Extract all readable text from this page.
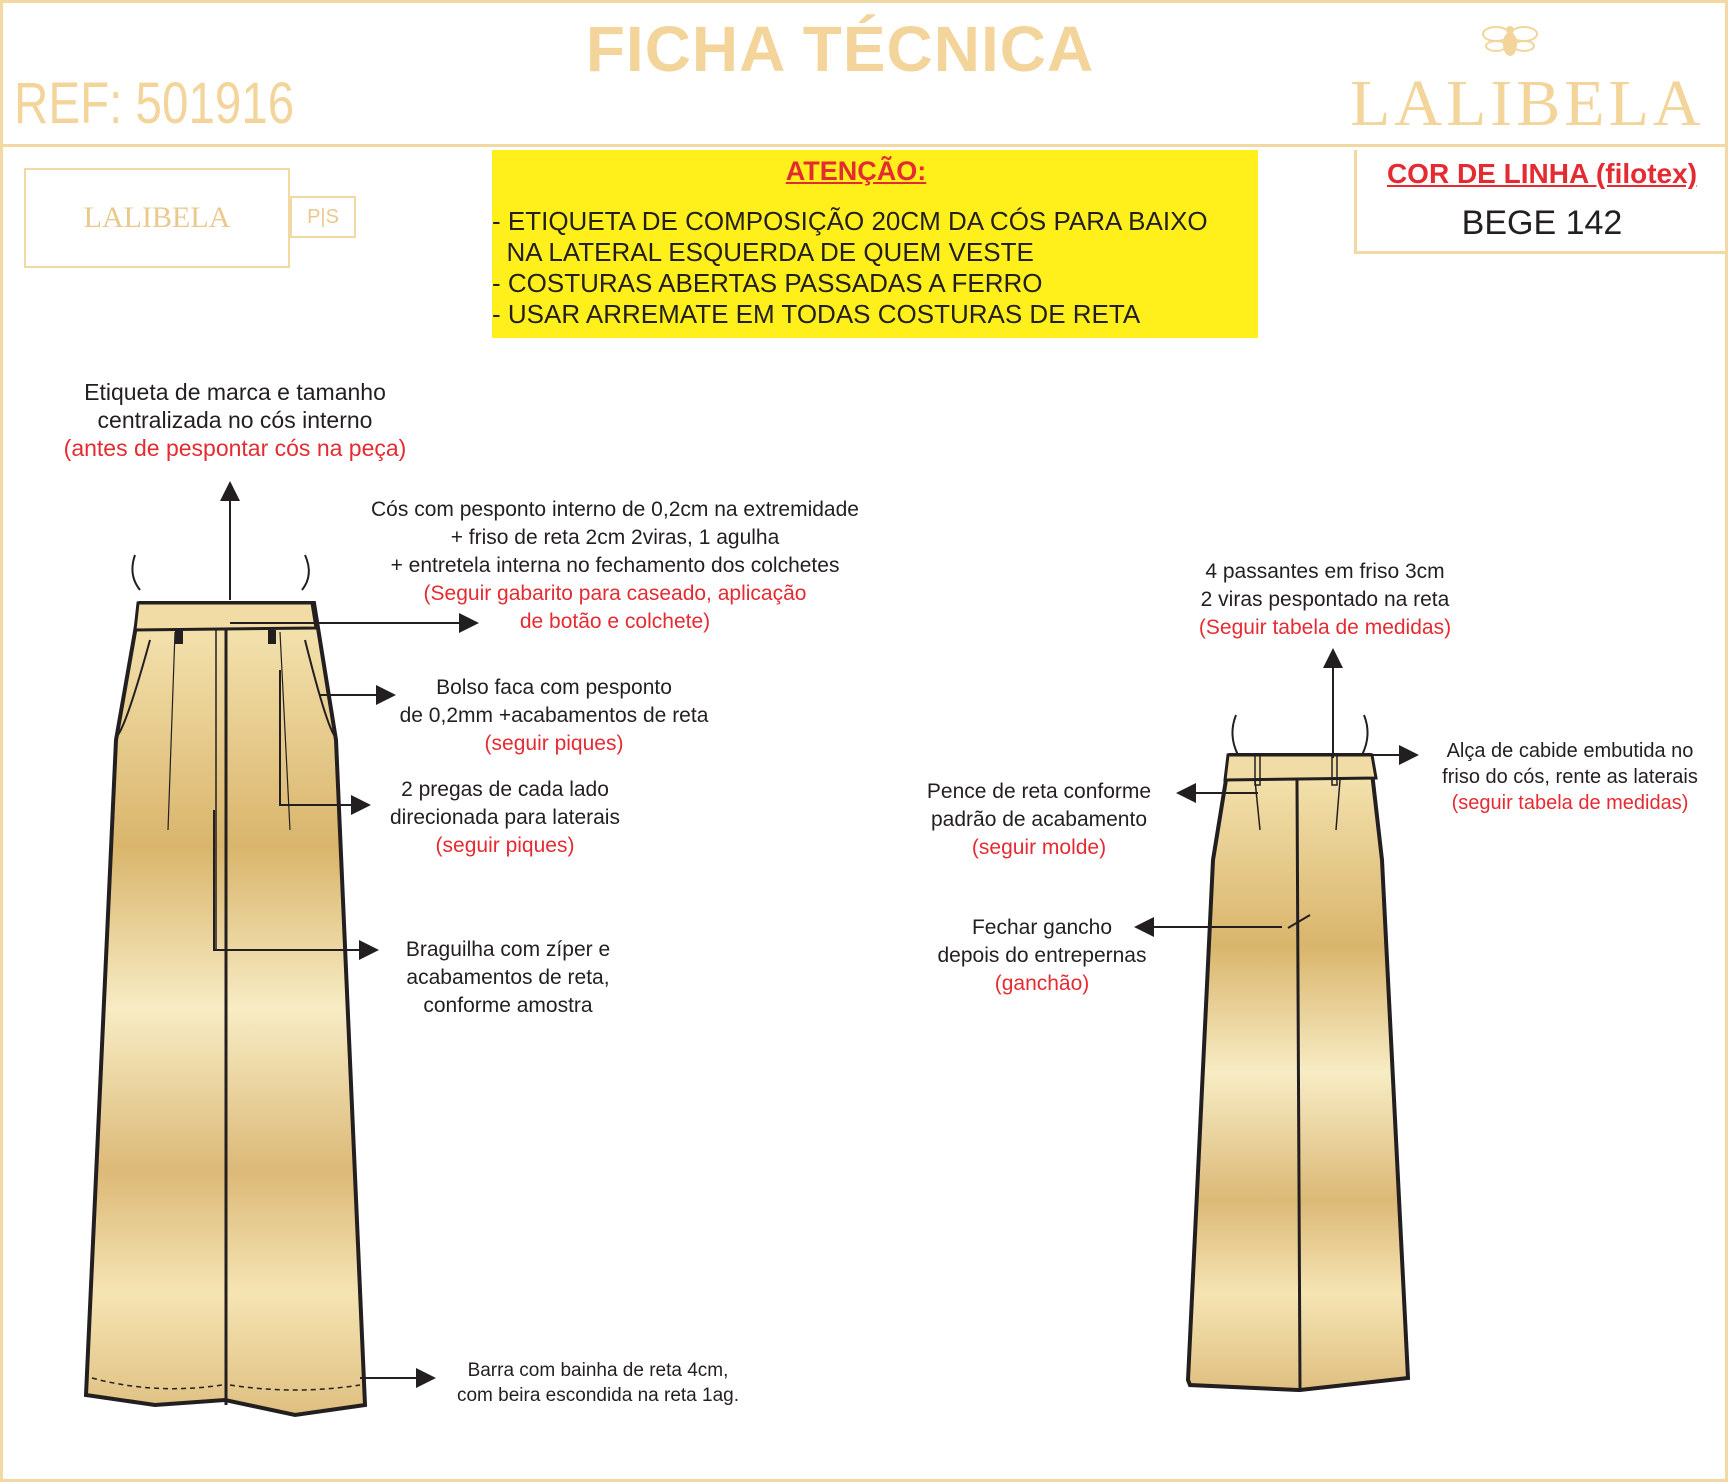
FICHA TÉCNICA
REF: 501916	LALIBELA
LALIBELA	P|S
ATENÇÃO:
- ETIQUETA DE COMPOSIÇÃO 20CM DA CÓS PARA BAIXO
NA LATERAL ESQUERDA DE QUEM VESTE
- COSTURAS ABERTAS PASSADAS A FERRO
- USAR ARREMATE EM TODAS COSTURAS DE RETA
COR DE LINHA (filotex)
BEGE 142
Etiqueta de marca e tamanho
centralizada no cós interno
(antes de pespontar cós na peça)
Cós com pesponto interno de 0,2cm na extremidade
+ friso de reta 2cm 2viras, 1 agulha
+ entretela interna no fechamento dos colchetes
(Seguir gabarito para caseado, aplicação
de botão e colchete)
Bolso faca com pesponto
de 0,2mm +acabamentos de reta
(seguir piques)
2 pregas de cada lado
direcionada para laterais
(seguir piques)
Braguilha com zíper e
acabamentos de reta,
conforme amostra
Barra com bainha de reta 4cm,
com beira escondida na reta 1ag.
4 passantes em friso 3cm
2 viras pespontado na reta
(Seguir tabela de medidas)
Alça de cabide embutida no
friso do cós, rente as laterais
(seguir tabela de medidas)
Pence de reta conforme
padrão de acabamento
(seguir molde)
Fechar gancho
depois do entrepernas
(ganchão)
